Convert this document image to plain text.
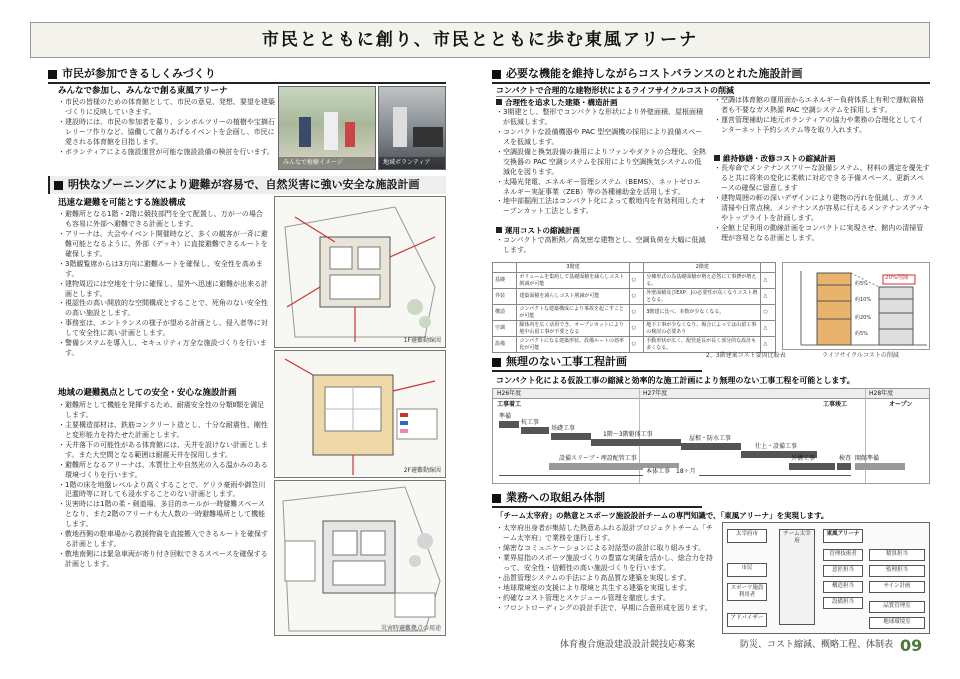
市民とともに創り、市民とともに歩む東風アリーナ
市民が参加できるしくみづくり
みんなで参加し、みんなで創る東風アリーナ
・市民の皆様のための体育館として、市民の意見、発想、要望を建築づくりに反映していきます。
・建設時には、市民の参加者を募り、シンボルツリーの植樹や宝摘石レリーフ作りなど、協働して創りあげるイベントを企画し、市民に愛される体育館を目指します。
・ボランティアによる施設運営が可能な施設設備の検討を行います。
みんなで植樹イメージ	地域ボランティア
明快なゾーニングにより避難が容易で、自然災害に強い安全な施設計画
迅速な避難を可能とする施設構成
・避難所となる1階・2階に競技部門を全て配置し、万が一の場合も容易に外部へ避難できる計画とします。
・アリーナは、大会やイベント開催時など、多くの観客が一斉に避難可能となるように、外部（デッキ）に直接避難できるルートを確保します。
・3階観覧席からは3方向に避難ルートを確保し、安全性を高めます。
・建物周辺には空地を十分に確保し、屋外へ迅速に避難が出来る計画とします。
・視認性の高い開放的な空間構成とすることで、死角のない安全性の高い施設とします。
・事務室は、エントランスの様子が望める計画とし、侵入者等に対して安全性に高い計画とします。
・警備システムを導入し、セキュリティ万全な施設づくりを行います。
地域の避難拠点としての安全・安心な施設計画
・避難所として機能を発揮するため、耐震安全性の分類Ⅱ類を満足します。
・主要構造部材は、鉄筋コンクリート造とし、十分な耐震性、剛性と変形能力を持たせた計画とします。
・天井落下の可能性がある体育館には、天井を設けない計画とします。また大空間となる範囲は耐震天井を採用します。
・避難所となるアリーナは、木質仕上や自然光の入る温かみのある環境づくりを行います。
・1階の床を地盤レベルより高くすることで、ゲリラ豪雨や御笠川氾濫時等に対しても浸水することのない計画とします。
・災害時には1階の柔・剣道場、多目的ホールが一時避難スペースとなり、また2階のアリーナも大人数の一時避難場所として機能します。
・敷地西側の駐車場から救援物資を直接搬入できるルートを確保する計画とします。
・敷地南側には緊急車両が寄り付き回転できるスペースを確保する計画とします。
1F避難動線図
2F避難動線図
災害時避難拠点の用途
必要な機能を維持しながらコストバランスのとれた施設計画
コンパクトで合理的な建物形状によるライフサイクルコストの削減
合理性を追求した建築・構造計画
・3期建とし、整形でコンパクトな形状により外壁面積、屋根面積が低減します。
・コンパクトな設備機器や PAC 型空調機の採用により設備スペースを低減します。
・空調設備と換気設備の兼用によりファンやダクトの合理化、全熱交換器の PAC 空調システムを採用により空調換気システムの低減化を図ります。
・太陽光発電、エネルギー管理システム（BEMS）、ネットゼロエネルギー実証事業（ZEB）等の各種補助金を活用します。
・地中部掘削工法はコンパクト化によって敷地内を有効利用したオープンカット工法とします。
運用コストの縮減計画
・コンパクトで高断熱／高気密な建物とし、空調負荷を大幅に低減します。
・空調は体育館の運用面からエネルギー負荷体系上有利で運転資格者も不要なガス熱源 PAC 空調システムを採用します。
・運営管理補助に地元ボランティアの協力や業務の合理化としてインターネット予約システム等を取り入れます。
維持修繕・改修コストの縮減計画
・長寿命でメンテナンスフリーな設備システム、材料の選定を優先すると共に将来の変化に柔軟に対応できる予備スペース、更新スペースの確保に留意します
・建物周囲の軒の深いデザインにより建物の汚れを低減し、ガラス清掃や日常点検、メンテナンスが容易に行えるメンテナンスデッキやトップライトを計画します。
・全館上足利用の動線計画をコンパクトに実現させ、館内の清掃管理が容易となる計画とします。
	3階建		2階建	
基礎	ボリュームを集約して基礎面積を減らしコスト削減が可能	○	分棟形式の為基礎面積が増え必然に工事費が増える。	△
外装	建築面積を減らしコスト削減が可能	○	外壁面積及びEXP．Jの必要性が高くなりコスト増となる。	△
構造	コンパクトな建築構成により事故を起こすことが可能	○	3階建に比べ、本数が少なくなる。	○
空調	駆体内を広く活用でき、オープンカットにより地中山留工事が不要となる	○	地下工事が少なくなり、場合によっては山留工事の検討の必要あり	△
設備	コンパクトになる建築形状、設備ルートの効率化が可能	○	手動形状が広く、配管延長が長く部分的な設計も多くなる。	△
2、3階建案コスト要因比較表
20%削減
約5%
約10%
約20%
約5%
ライフサイクルコストの削減
無理のない工事工程計画
コンパクト化による仮設工事の縮減と効率的な施工計画により無理のない工事工程を可能とします。
H26年度	H27年度	H28年度
工事着工	工事竣工	オープン
準備
杭工事
基礎工事
1階〜3階躯体工事
屋根・防水工事
仕上・設備工事
外構工事	検査 開館準備
設備スリーブ・埋設配管工事
本体工事　18ヶ月
業務への取組み体制
「チーム太宰府」の熱意とスポーツ施設設計チームの専門知識で、「東風アリーナ」を実現します。
・太宰府出身者が集結した熱意あふれる設計プロジェクトチーム「チーム太宰府」で業務を遂行します。
・綿密なコミュニケーションによる対話型の設計に取り組みます。
・業界屈指のスポーツ施設づくりの豊富な実績を活かし、総合力を持って、安全性・信頼性の高い施設づくりを行います。
・品質管理システムの手法により高品質な建築を実現します。
・地球環境室の支援により環境と共生する建築を実現します。
・約確なコスト管理とスケジュール管理を徹底します。
・フロントローディングの設計手法で、早期に合意形成を図ります。
太宰府市
市民
スポーツ施設利用者
アドバイザー
チーム太宰府
東風アリーナ
管理技術者
意匠担当
構造担当
設備担当
積算担当
監理担当
サイン計画
品質管理室
地球環境室
体育複合施設建設設計競技応募案	防災、コスト縮減、概略工程、体制表 09
